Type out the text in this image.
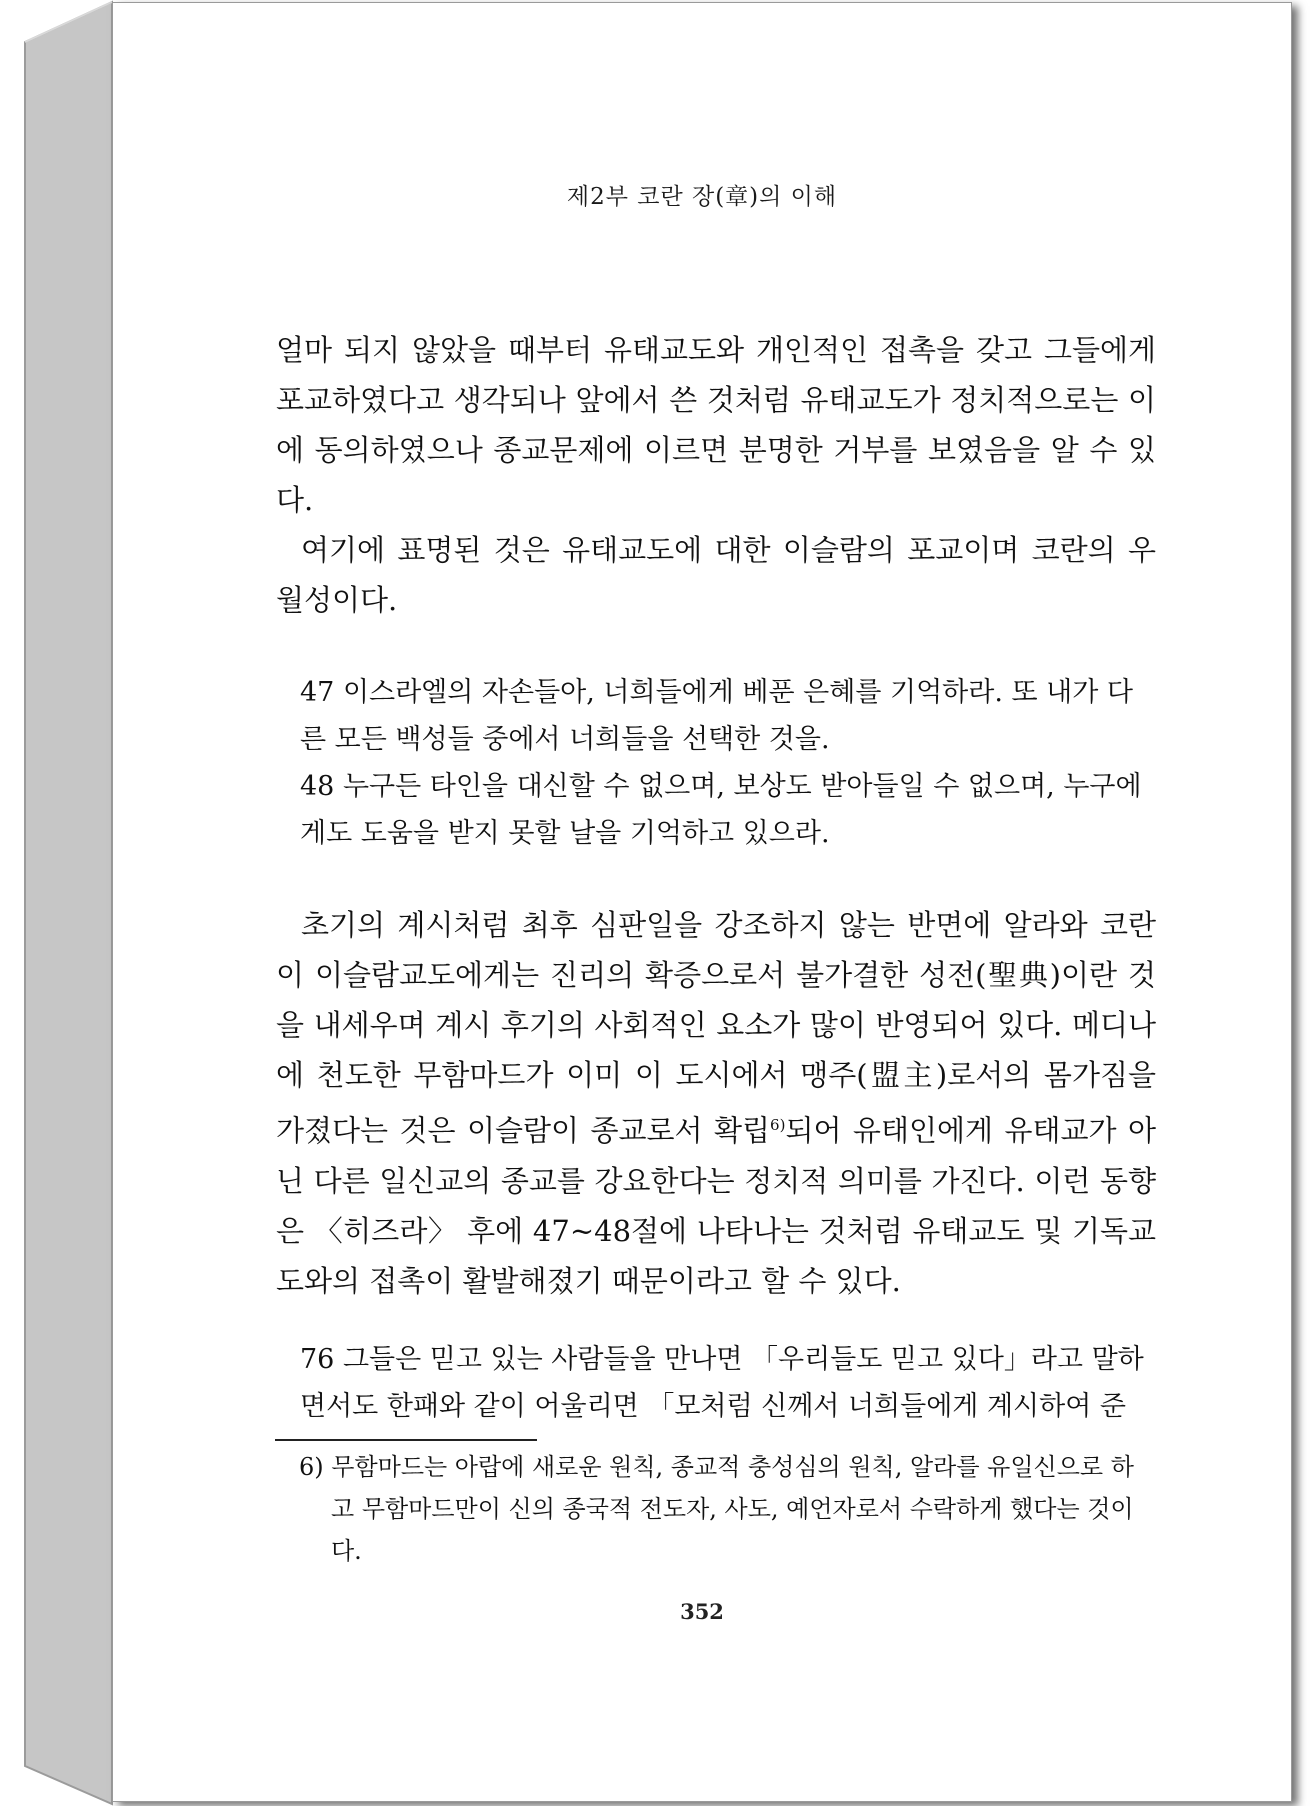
제2부 코란 장(章)의 이해

얼마 되지 않았을 때부터 유태교도와 개인적인 접촉을 갖고 그들에게 포교하였다고 생각되나 앞에서 쓴 것처럼 유태교도가 정치적으로는 이에 동의하였으나 종교문제에 이르면 분명한 거부를 보였음을 알 수 있다.

여기에 표명된 것은 유태교도에 대한 이슬람의 포교이며 코란의 우월성이다.

47 이스라엘의 자손들아, 너희들에게 베푼 은혜를 기억하라. 또 내가 다른 모든 백성들 중에서 너희들을 선택한 것을.

48 누구든 타인을 대신할 수 없으며, 보상도 받아들일 수 없으며, 누구에게도 도움을 받지 못할 날을 기억하고 있으라.

초기의 계시처럼 최후 심판일을 강조하지 않는 반면에 알라와 코란이 이슬람교도에게는 진리의 확증으로서 불가결한 성전(聖典)이란 것을 내세우며 계시 후기의 사회적인 요소가 많이 반영되어 있다. 메디나에 천도한 무함마드가 이미 이 도시에서 맹주(盟主)로서의 몸가짐을 가졌다는 것은 이슬람이 종교로서 확립$^{6)}$되어 유태인에게 유태교가 아닌 다른 일신교의 종교를 강요한다는 정치적 의미를 가진다. 이런 동향은 〈히즈라〉 후에 47~48절에 나타나는 것처럼 유태교도 및 기독교도와의 접촉이 활발해졌기 때문이라고 할 수 있다.

76 그들은 믿고 있는 사람들을 만나면 「우리들도 믿고 있다」라고 말하면서도 한패와 같이 어울리면 「모처럼 신께서 너희들에게 계시하여 준

6) 무함마드는 아랍에 새로운 원칙, 종교적 충성심의 원칙, 알라를 유일신으로 하고 무함마드만이 신의 종국적 전도자, 사도, 예언자로서 수락하게 했다는 것이다.

352
